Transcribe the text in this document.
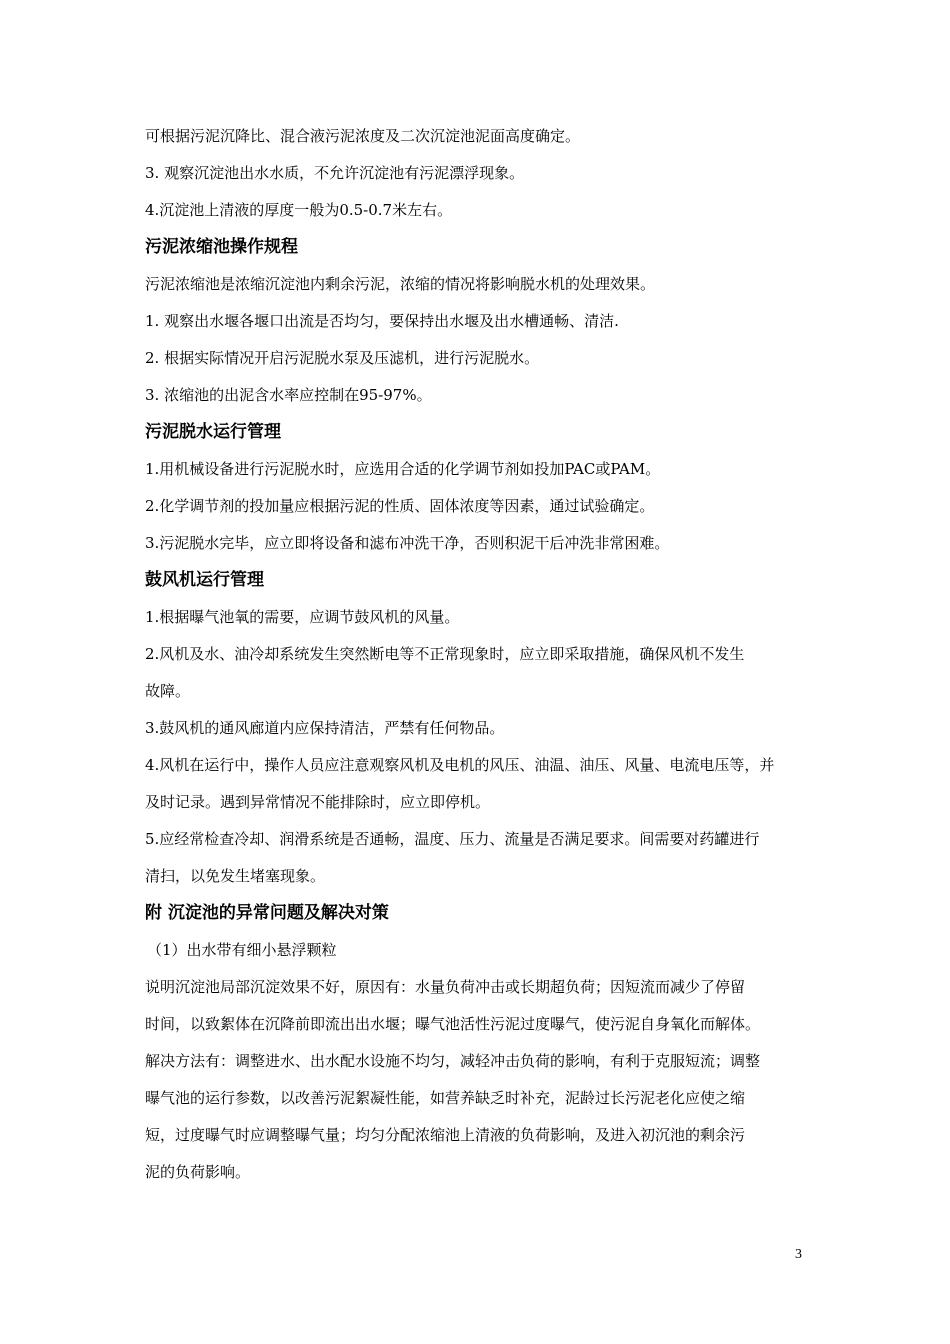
可根据污泥沉降比、混合液污泥浓度及二次沉淀池泥面高度确定。

3. 观察沉淀池出水水质，不允许沉淀池有污泥漂浮现象。

4.沉淀池上清液的厚度一般为0.5-0.7米左右。

污泥浓缩池操作规程

污泥浓缩池是浓缩沉淀池内剩余污泥，浓缩的情况将影响脱水机的处理效果。

1. 观察出水堰各堰口出流是否均匀，要保持出水堰及出水槽通畅、清洁.

2. 根据实际情况开启污泥脱水泵及压滤机，进行污泥脱水。

3. 浓缩池的出泥含水率应控制在95-97%。

污泥脱水运行管理

1.用机械设备进行污泥脱水时，应选用合适的化学调节剂如投加PAC或PAM。

2.化学调节剂的投加量应根据污泥的性质、固体浓度等因素，通过试验确定。

3.污泥脱水完毕，应立即将设备和滤布冲洗干净，否则积泥干后冲洗非常困难。

鼓风机运行管理

1.根据曝气池氧的需要，应调节鼓风机的风量。

2.风机及水、油冷却系统发生突然断电等不正常现象时，应立即采取措施，确保风机不发生

故障。

3.鼓风机的通风廊道内应保持清洁，严禁有任何物品。

4.风机在运行中，操作人员应注意观察风机及电机的风压、油温、油压、风量、电流电压等，并

及时记录。遇到异常情况不能排除时，应立即停机。

5.应经常检查冷却、润滑系统是否通畅，温度、压力、流量是否满足要求。间需要对药罐进行

清扫，以免发生堵塞现象。

附 沉淀池的异常问题及解决对策

（1）出水带有细小悬浮颗粒

说明沉淀池局部沉淀效果不好，原因有：水量负荷冲击或长期超负荷；因短流而减少了停留

时间，以致絮体在沉降前即流出出水堰；曝气池活性污泥过度曝气，使污泥自身氧化而解体。

解决方法有：调整进水、出水配水设施不均匀，减轻冲击负荷的影响，有利于克服短流；调整

曝气池的运行参数，以改善污泥絮凝性能，如营养缺乏时补充，泥龄过长污泥老化应使之缩

短，过度曝气时应调整曝气量；均匀分配浓缩池上清液的负荷影响，及进入初沉池的剩余污

泥的负荷影响。

3
